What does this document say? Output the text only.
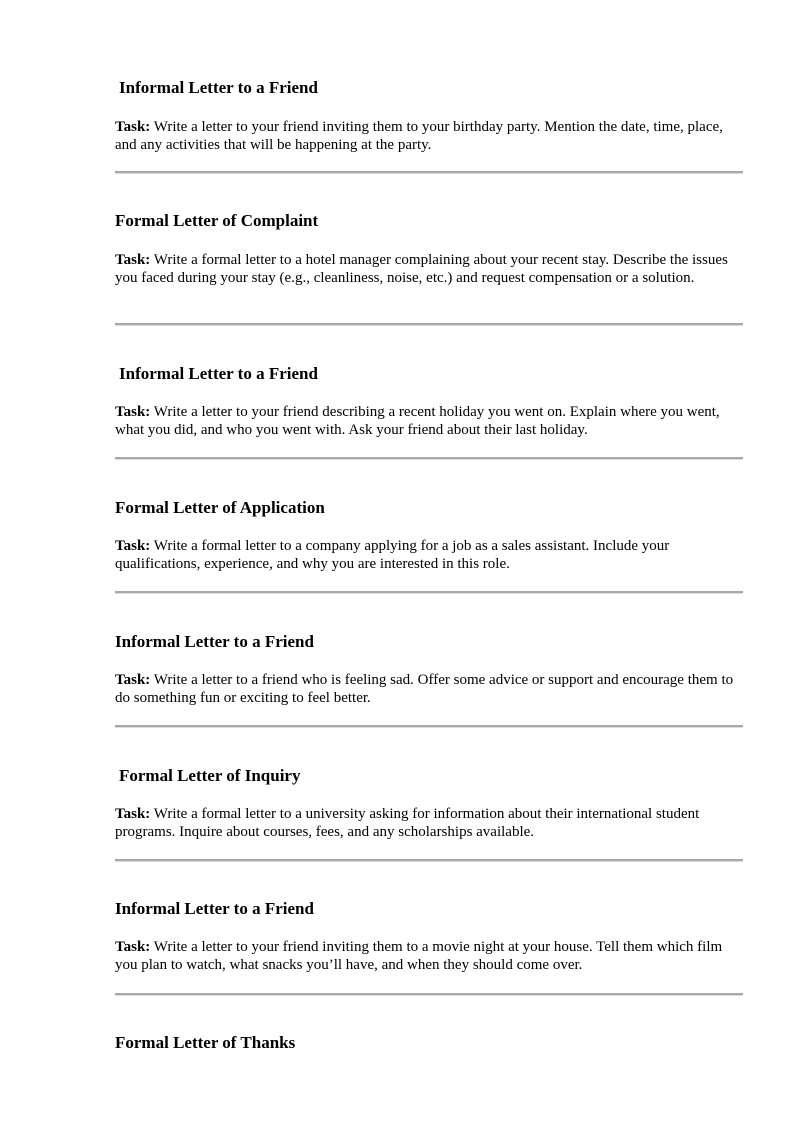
Informal Letter to a Friend

Task: Write a letter to your friend inviting them to your birthday party. Mention the date, time, place, and any activities that will be happening at the party.

Formal Letter of Complaint

Task: Write a formal letter to a hotel manager complaining about your recent stay. Describe the issues you faced during your stay (e.g., cleanliness, noise, etc.) and request compensation or a solution.

Informal Letter to a Friend

Task: Write a letter to your friend describing a recent holiday you went on. Explain where you went, what you did, and who you went with. Ask your friend about their last holiday.

Formal Letter of Application

Task: Write a formal letter to a company applying for a job as a sales assistant. Include your qualifications, experience, and why you are interested in this role.

Informal Letter to a Friend

Task: Write a letter to a friend who is feeling sad. Offer some advice or support and encourage them to do something fun or exciting to feel better.

Formal Letter of Inquiry

Task: Write a formal letter to a university asking for information about their international student programs. Inquire about courses, fees, and any scholarships available.

Informal Letter to a Friend

Task: Write a letter to your friend inviting them to a movie night at your house. Tell them which film you plan to watch, what snacks you’ll have, and when they should come over.

Formal Letter of Thanks
